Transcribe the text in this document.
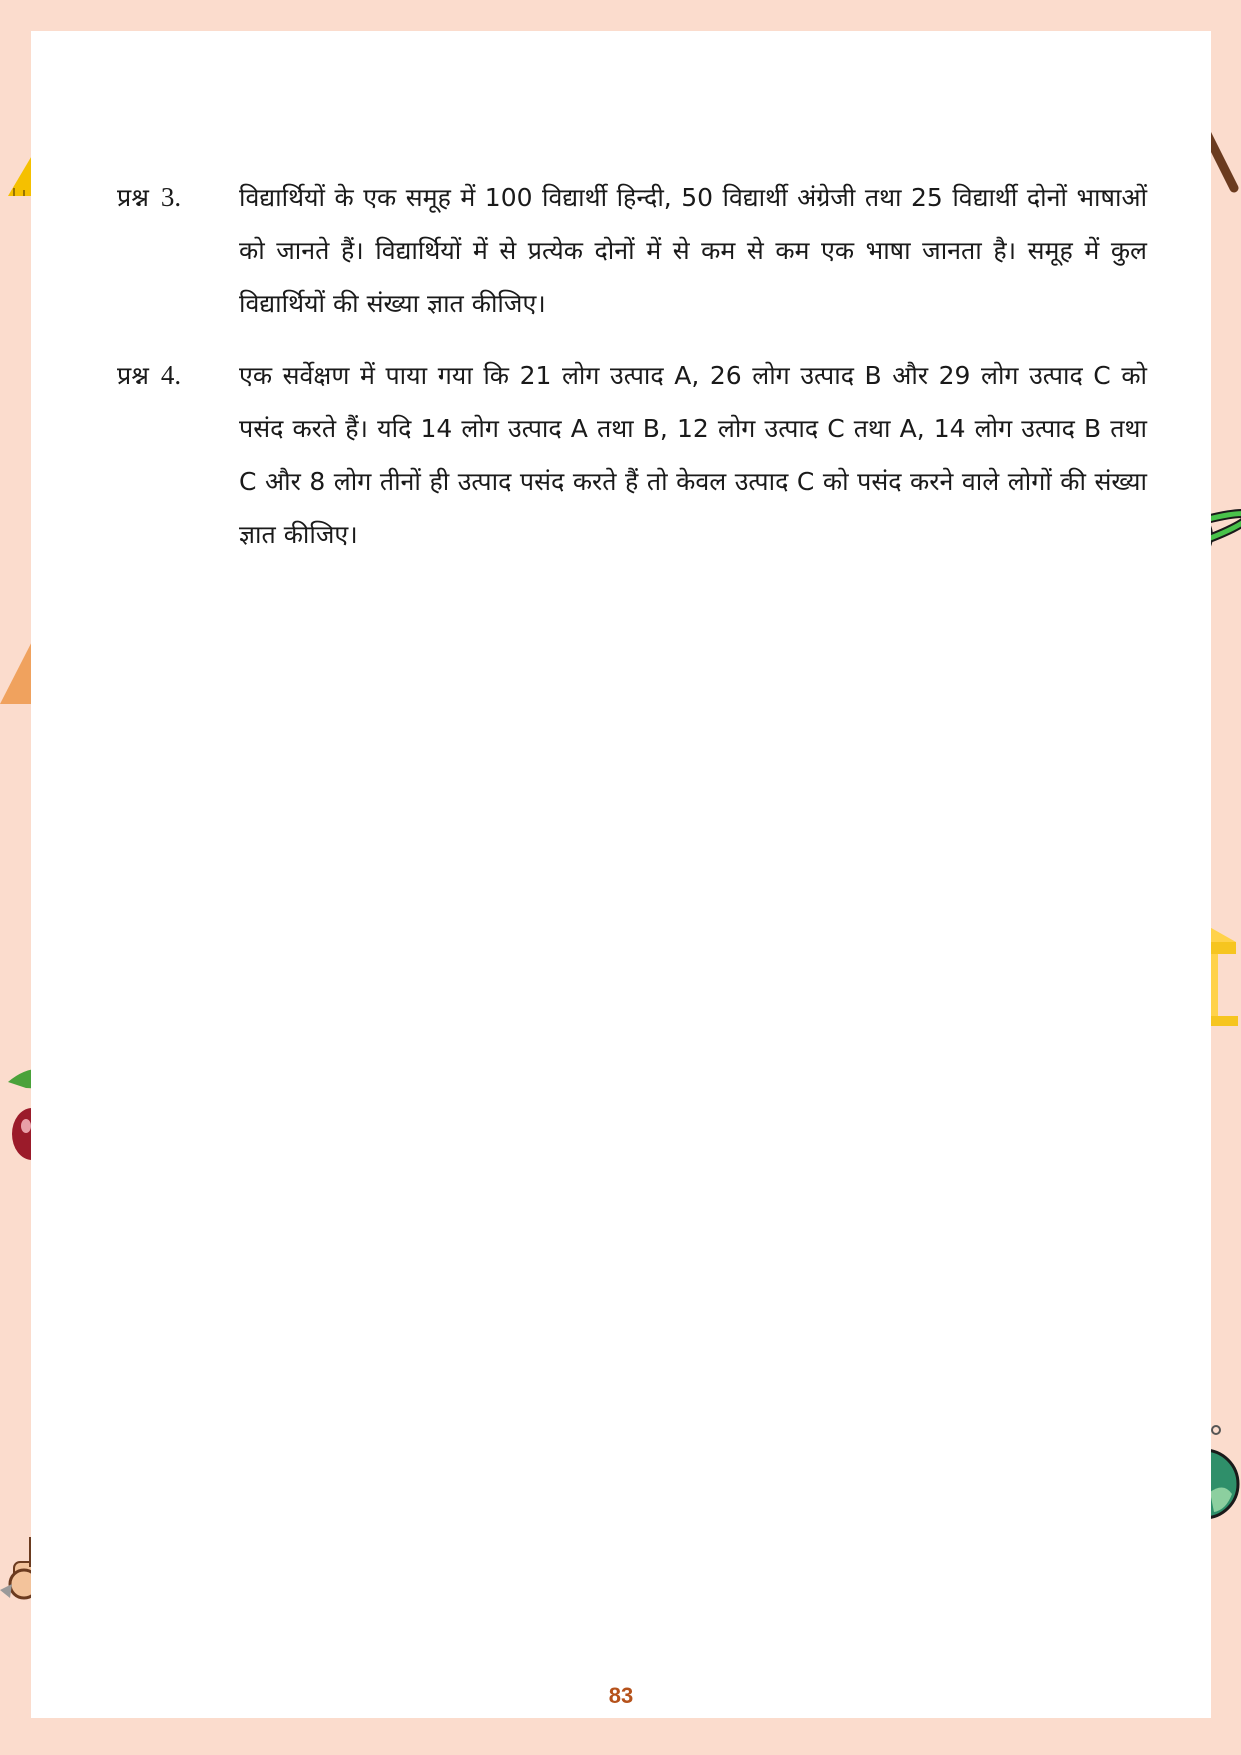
प्रश्न 3.	विद्यार्थियों के एक समूह में 100 विद्यार्थी हिन्दी, 50 विद्यार्थी अंग्रेजी तथा 25 विद्यार्थी दोनों भाषाओं को जानते हैं। विद्यार्थियों में से प्रत्येक दोनों में से कम से कम एक भाषा जानता है। समूह में कुल विद्यार्थियों की संख्या ज्ञात कीजिए।
प्रश्न 4.	एक सर्वेक्षण में पाया गया कि 21 लोग उत्पाद A, 26 लोग उत्पाद B और 29 लोग उत्पाद C को पसंद करते हैं। यदि 14 लोग उत्पाद A तथा B, 12 लोग उत्पाद C तथा A, 14 लोग उत्पाद B तथा C और 8 लोग तीनों ही उत्पाद पसंद करते हैं तो केवल उत्पाद C को पसंद करने वाले लोगों की संख्या ज्ञात कीजिए।
83
